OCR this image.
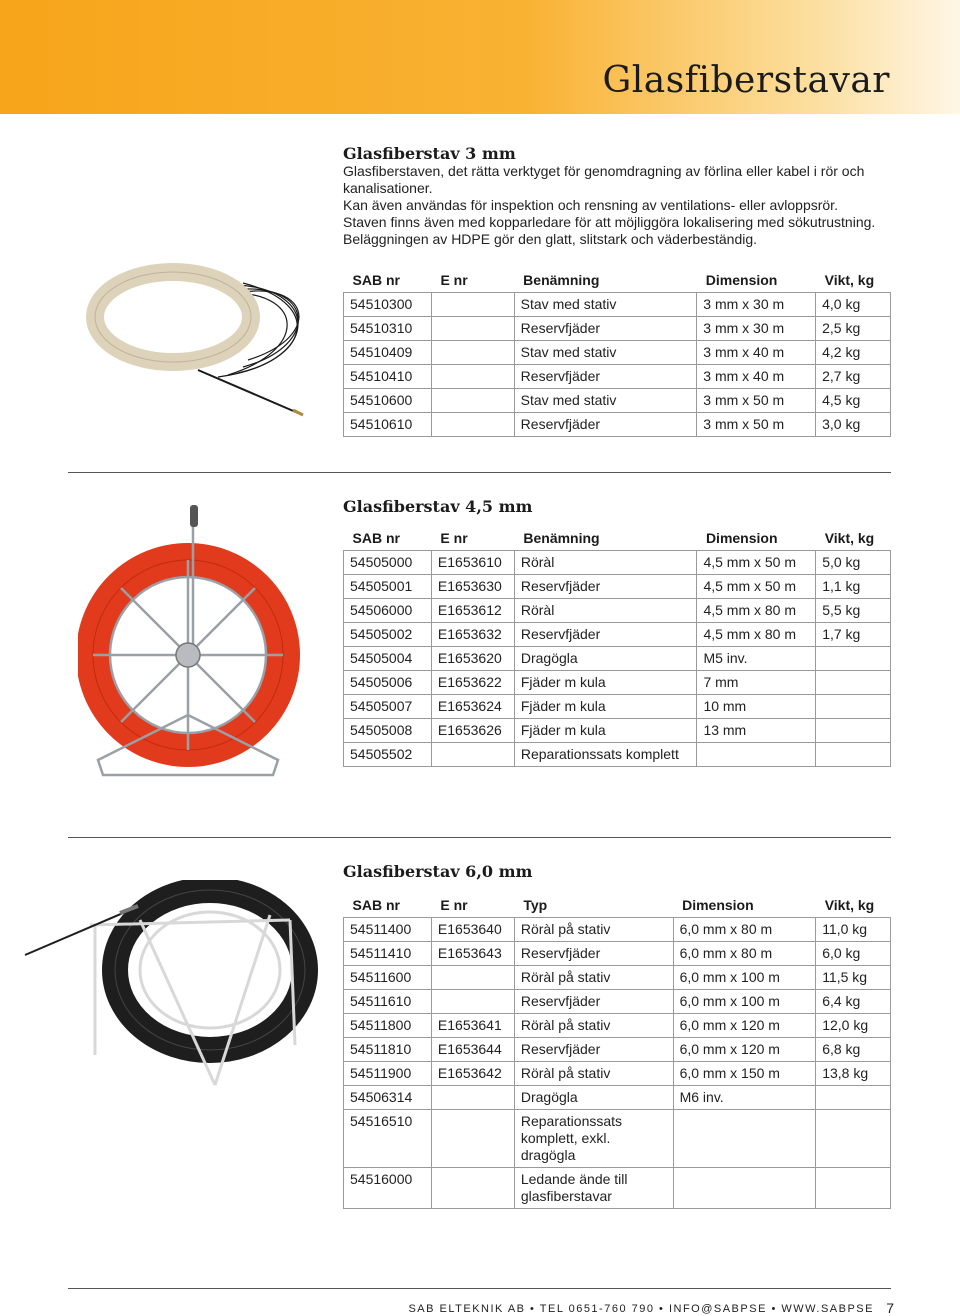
Glasfiberstavar
Glasfiberstav 3 mm

Glasfiberstaven, det rätta verktyget för genomdragning av förlina eller kabel i rör och kanalisationer.

Kan även användas för inspektion och rensning av ventilations- eller avloppsrör.

Staven finns även med kopparledare för att möjliggöra lokalisering med sökutrustning. Beläggningen av HDPE gör den glatt, slitstark och väderbeständig.

SAB nr	E nr	Benämning	Dimension	Vikt, kg
54510300		Stav med stativ	3 mm x 30 m	4,0 kg
54510310		Reservfjäder	3 mm x 30 m	2,5 kg
54510409		Stav med stativ	3 mm x 40 m	4,2 kg
54510410		Reservfjäder	3 mm x 40 m	2,7 kg
54510600		Stav med stativ	3 mm x 50 m	4,5 kg
54510610		Reservfjäder	3 mm x 50 m	3,0 kg
Glasfiberstav 4,5 mm
SAB nr	E nr	Benämning	Dimension	Vikt, kg
54505000	E1653610	Röràl	4,5 mm x 50 m	5,0 kg
54505001	E1653630	Reservfjäder	4,5 mm x 50 m	1,1 kg
54506000	E1653612	Röràl	4,5 mm x 80 m	5,5 kg
54505002	E1653632	Reservfjäder	4,5 mm x 80 m	1,7 kg
54505004	E1653620	Dragögla	M5 inv.	
54505006	E1653622	Fjäder m kula	7 mm	
54505007	E1653624	Fjäder m kula	10 mm	
54505008	E1653626	Fjäder m kula	13 mm	
54505502		Reparationssats komplett		
Glasfiberstav 6,0 mm
SAB nr	E nr	Typ	Dimension	Vikt, kg
54511400	E1653640	Röràl på stativ	6,0 mm x 80 m	11,0 kg
54511410	E1653643	Reservfjäder	6,0 mm x 80 m	6,0 kg
54511600		Röràl på stativ	6,0 mm x 100 m	11,5 kg
54511610		Reservfjäder	6,0 mm x 100 m	6,4 kg
54511800	E1653641	Röràl på stativ	6,0 mm x 120 m	12,0 kg
54511810	E1653644	Reservfjäder	6,0 mm x 120 m	6,8 kg
54511900	E1653642	Röràl på stativ	6,0 mm x 150 m	13,8 kg
54506314		Dragögla	M6 inv.	
54516510		Reparationssats komplett, exkl. dragögla		
54516000		Ledande ände till glasfiberstavar		
SAB ELTEKNIK AB • TEL 0651-760 790 • INFO@SABPSE • WWW.SABPSE 7
